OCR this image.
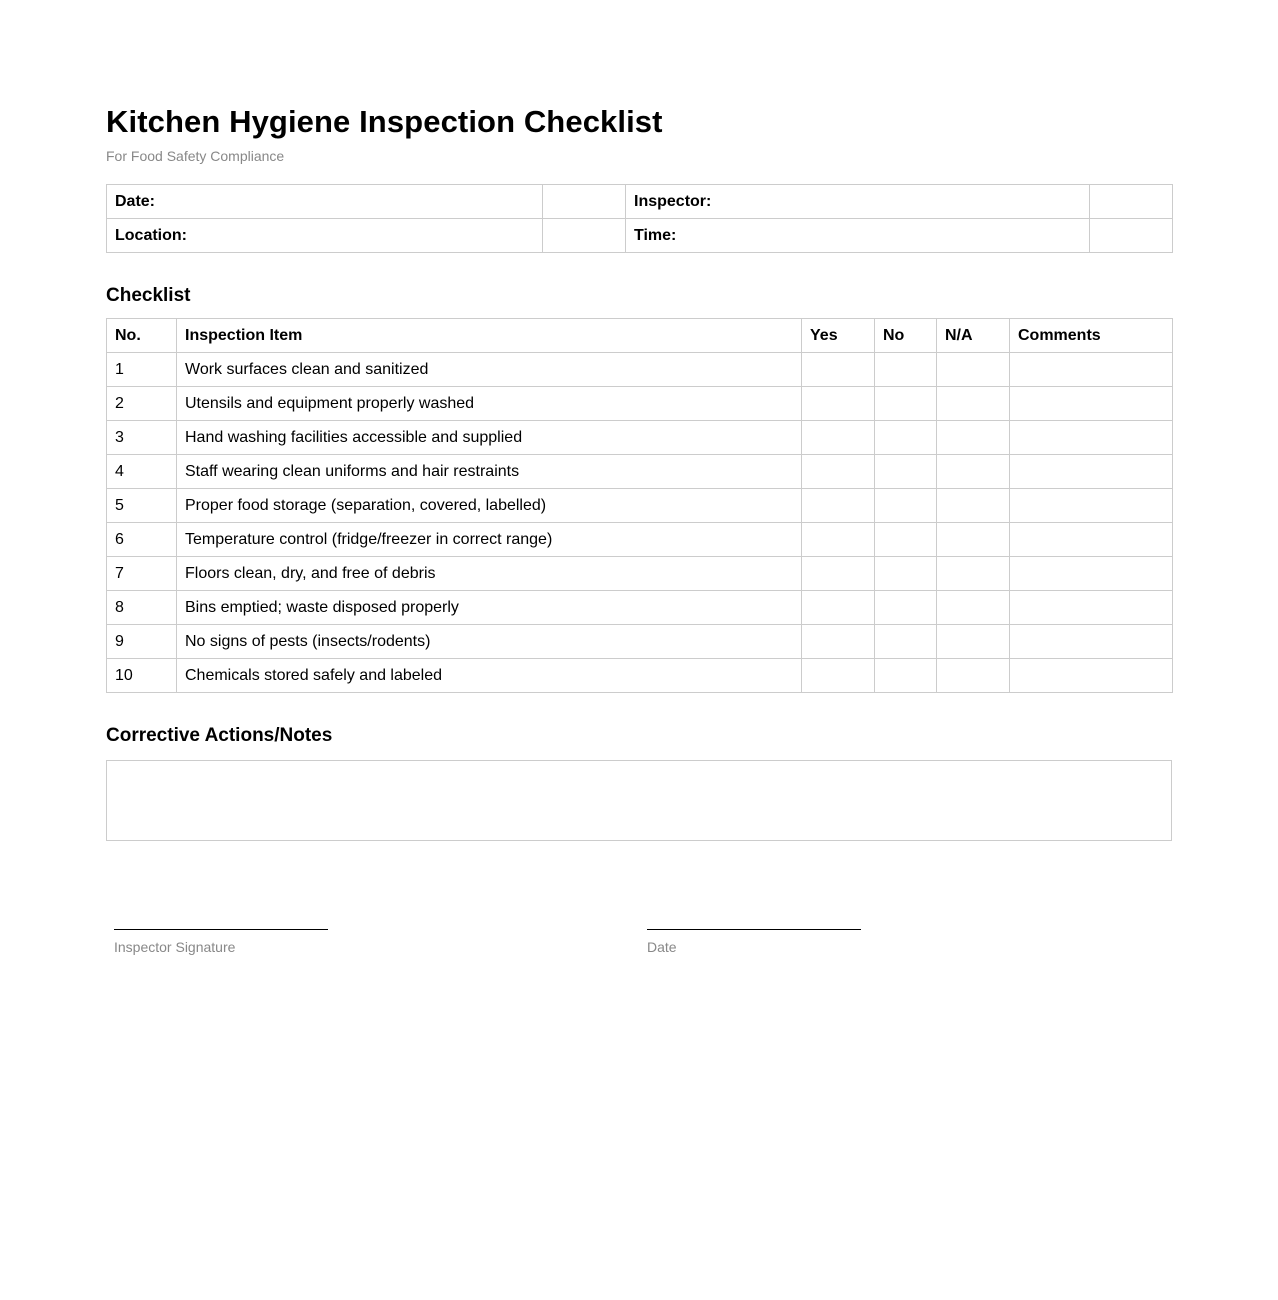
Kitchen Hygiene Inspection Checklist

For Food Safety Compliance

Date:		Inspector:	
Location:		Time:	
Checklist
No.	Inspection Item	Yes	No	N/A	Comments
1	Work surfaces clean and sanitized				
2	Utensils and equipment properly washed				
3	Hand washing facilities accessible and supplied				
4	Staff wearing clean uniforms and hair restraints				
5	Proper food storage (separation, covered, labelled)				
6	Temperature control (fridge/freezer in correct range)				
7	Floors clean, dry, and free of debris				
8	Bins emptied; waste disposed properly				
9	No signs of pests (insects/rodents)				
10	Chemicals stored safely and labeled				
Corrective Actions/Notes
Inspector Signature	Date
